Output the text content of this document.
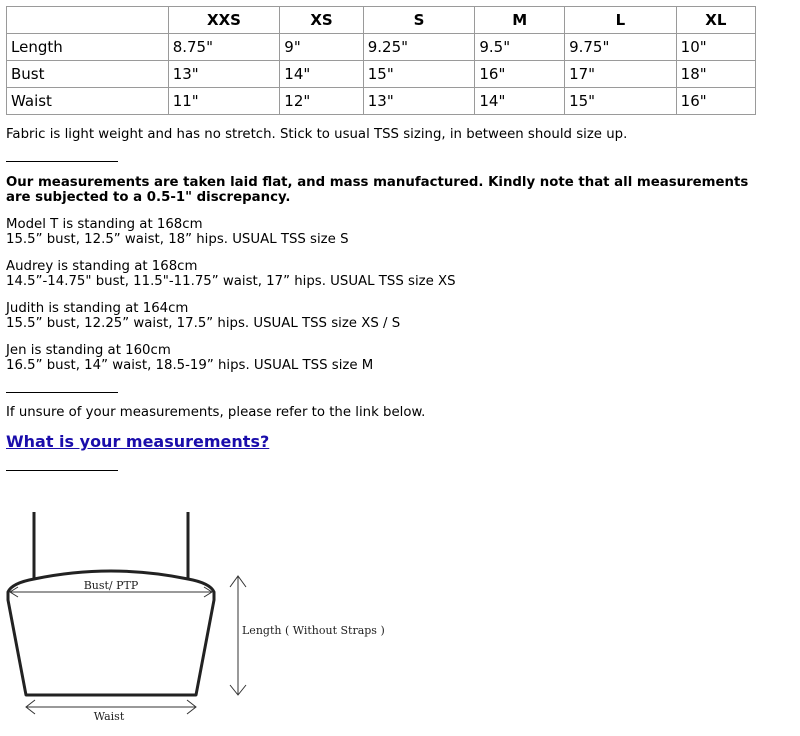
	XXS	XS	S	M	L	XL
Length	8.75"	9"	9.25"	9.5"	9.75"	10"
Bust	13"	14"	15"	16"	17"	18"
Waist	11"	12"	13"	14"	15"	16"

Fabric is light weight and has no stretch. Stick to usual TSS sizing, in between should size up.

Our measurements are taken laid flat, and mass manufactured. Kindly note that all measurements are subjected to a 0.5-1" discrepancy.

Model T is standing at 168cm

15.5” bust, 12.5” waist, 18” hips. USUAL TSS size S

Audrey is standing at 168cm

14.5”-14.75" bust, 11.5"-11.75” waist, 17” hips. USUAL TSS size XS

Judith is standing at 164cm

15.5” bust, 12.25” waist, 17.5” hips. USUAL TSS size XS / S

Jen is standing at 160cm

16.5” bust, 14” waist, 18.5-19” hips. USUAL TSS size M

If unsure of your measurements, please refer to the link below.

What is your measurements?
Bust/ PTP
Length ( Without Straps )
Waist
